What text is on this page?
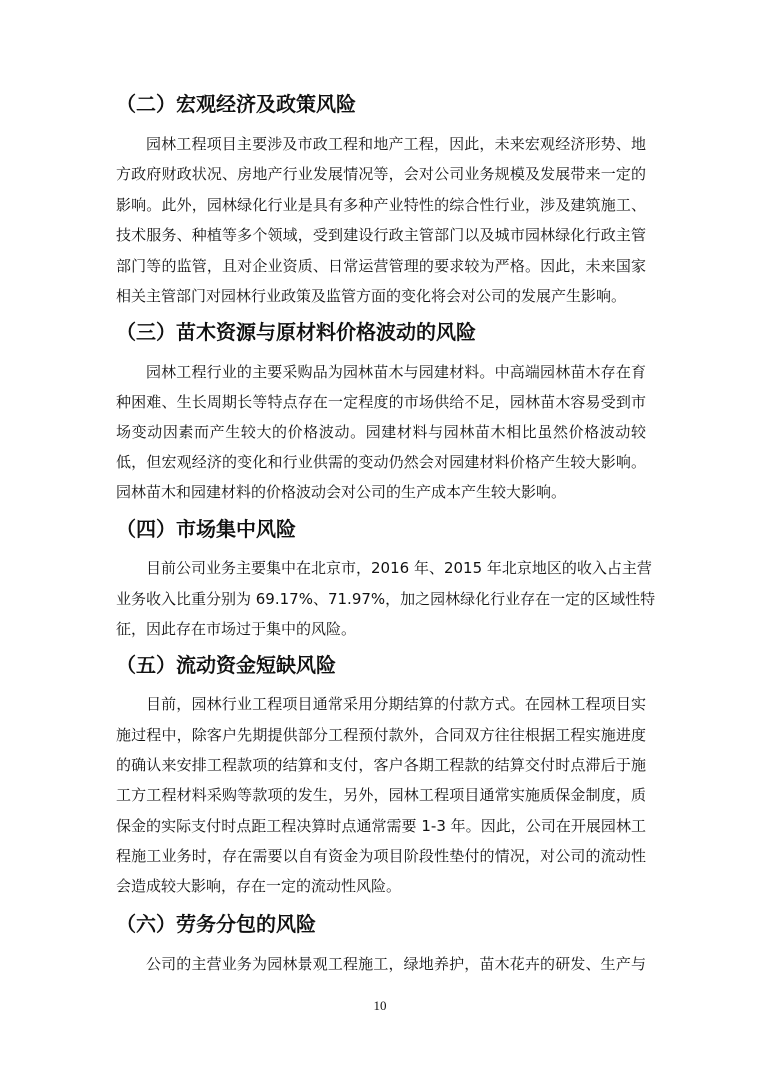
（二）宏观经济及政策风险

园林工程项目主要涉及市政工程和地产工程，因此，未来宏观经济形势、地

方政府财政状况、房地产行业发展情况等，会对公司业务规模及发展带来一定的

影响。此外，园林绿化行业是具有多种产业特性的综合性行业，涉及建筑施工、

技术服务、种植等多个领域，受到建设行政主管部门以及城市园林绿化行政主管

部门等的监管，且对企业资质、日常运营管理的要求较为严格。因此，未来国家

相关主管部门对园林行业政策及监管方面的变化将会对公司的发展产生影响。

（三）苗木资源与原材料价格波动的风险

园林工程行业的主要采购品为园林苗木与园建材料。中高端园林苗木存在育

种困难、生长周期长等特点存在一定程度的市场供给不足，园林苗木容易受到市

场变动因素而产生较大的价格波动。园建材料与园林苗木相比虽然价格波动较

低，但宏观经济的变化和行业供需的变动仍然会对园建材料价格产生较大影响。

园林苗木和园建材料的价格波动会对公司的生产成本产生较大影响。

（四）市场集中风险

目前公司业务主要集中在北京市，2016 年、2015 年北京地区的收入占主营

业务收入比重分别为 69.17%、71.97%，加之园林绿化行业存在一定的区域性特

征，因此存在市场过于集中的风险。

（五）流动资金短缺风险

目前，园林行业工程项目通常采用分期结算的付款方式。在园林工程项目实

施过程中，除客户先期提供部分工程预付款外，合同双方往往根据工程实施进度

的确认来安排工程款项的结算和支付，客户各期工程款的结算交付时点滞后于施

工方工程材料采购等款项的发生，另外，园林工程项目通常实施质保金制度，质

保金的实际支付时点距工程决算时点通常需要 1-3 年。因此，公司在开展园林工

程施工业务时，存在需要以自有资金为项目阶段性垫付的情况，对公司的流动性

会造成较大影响，存在一定的流动性风险。

（六）劳务分包的风险

公司的主营业务为园林景观工程施工，绿地养护，苗木花卉的研发、生产与

10
